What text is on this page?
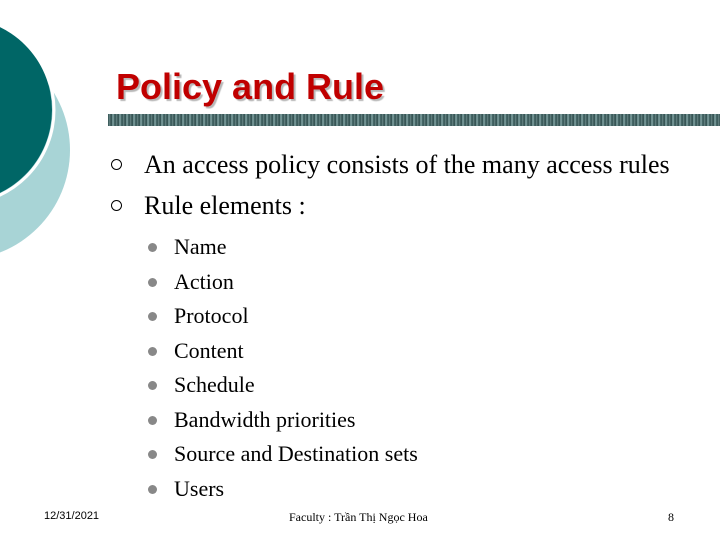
Policy and Rule
An access policy consists of the many access rules
Rule elements :
Name
Action
Protocol
Content
Schedule
Bandwidth priorities
Source and Destination sets
Users
12/31/2021	Faculty : Trần Thị Ngọc Hoa	8
